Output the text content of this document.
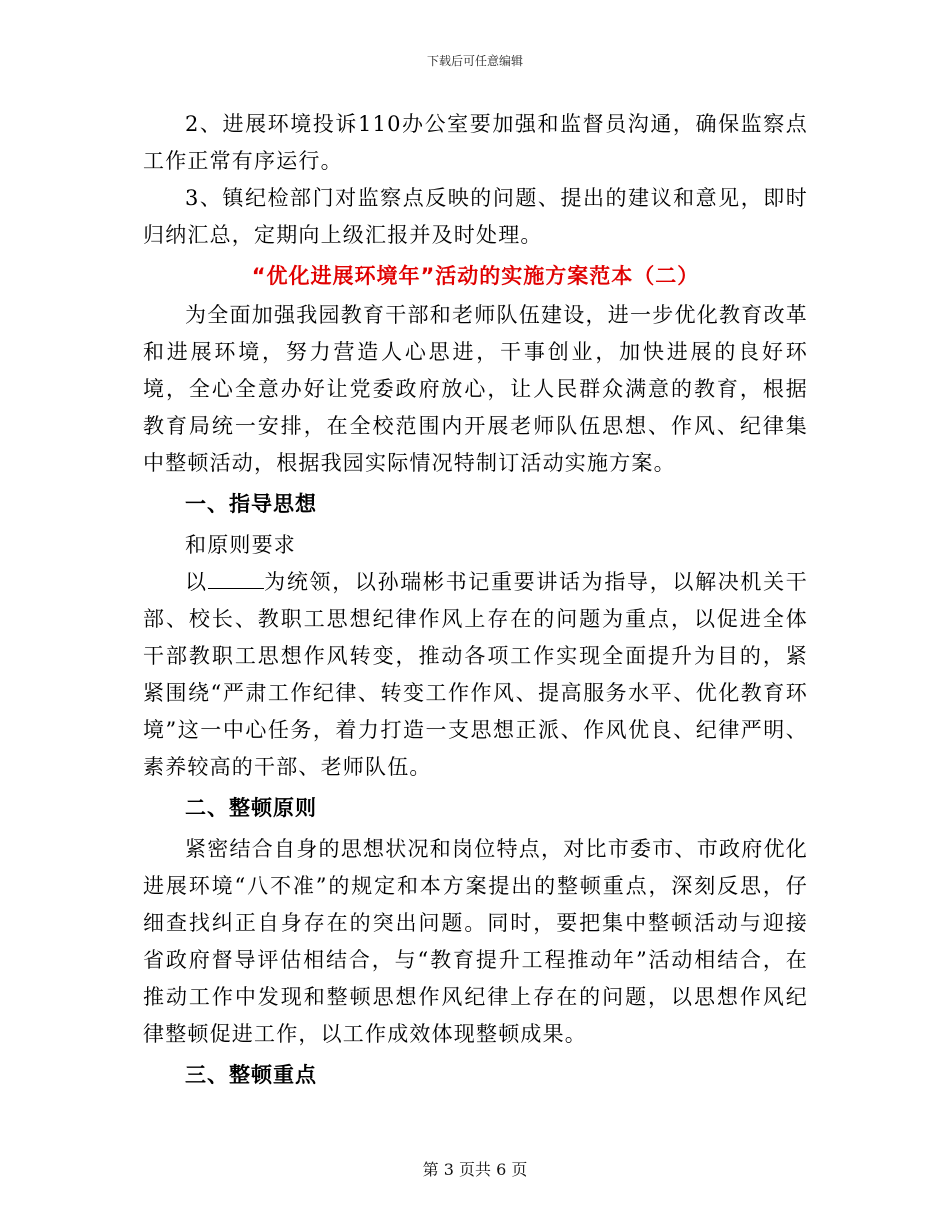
下载后可任意编辑

2、进展环境投诉110办公室要加强和监督员沟通，确保监察点工作正常有序运行。

3、镇纪检部门对监察点反映的问题、提出的建议和意见，即时归纳汇总，定期向上级汇报并及时处理。

“优化进展环境年”活动的实施方案范本（二）

为全面加强我园教育干部和老师队伍建设，进一步优化教育改革和进展环境，努力营造人心思进，干事创业，加快进展的良好环境，全心全意办好让党委政府放心，让人民群众满意的教育，根据教育局统一安排，在全校范围内开展老师队伍思想、作风、纪律集中整顿活动，根据我园实际情况特制订活动实施方案。

一、指导思想

和原则要求

以	为统领，以孙瑞彬书记重要讲话为指导，以解决机关干部、校长、教职工思想纪律作风上存在的问题为重点，以促进全体干部教职工思想作风转变，推动各项工作实现全面提升为目的，紧紧围绕“严肃工作纪律、转变工作作风、提高服务水平、优化教育环境”这一中心任务，着力打造一支思想正派、作风优良、纪律严明、素养较高的干部、老师队伍。

二、整顿原则

紧密结合自身的思想状况和岗位特点，对比市委市、市政府优化进展环境“八不准”的规定和本方案提出的整顿重点，深刻反思，仔细查找纠正自身存在的突出问题。同时，要把集中整顿活动与迎接省政府督导评估相结合，与“教育提升工程推动年”活动相结合，在推动工作中发现和整顿思想作风纪律上存在的问题，以思想作风纪律整顿促进工作，以工作成效体现整顿成果。

三、整顿重点
第 3 页共 6 页
